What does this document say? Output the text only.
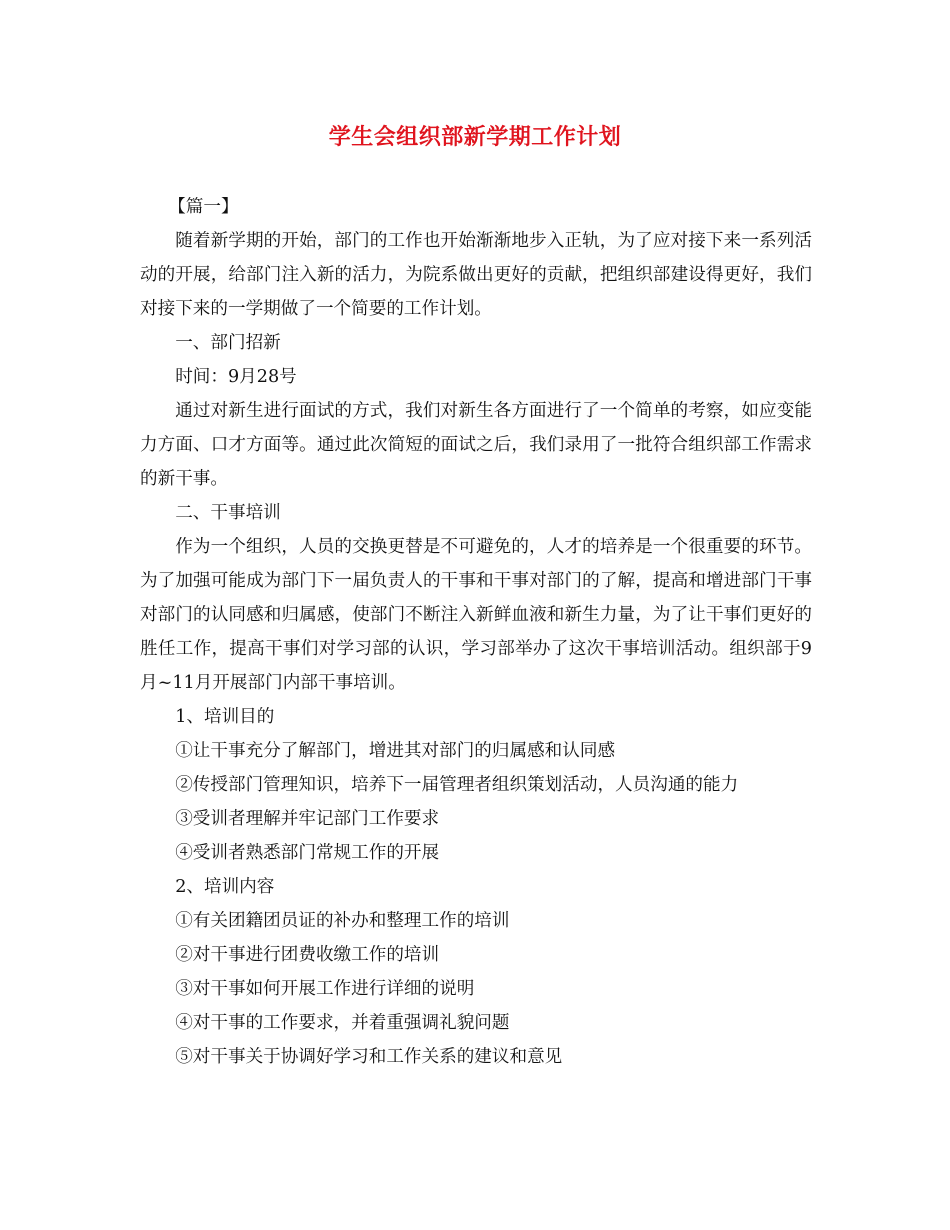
学生会组织部新学期工作计划

【篇一】

随着新学期的开始，部门的工作也开始渐渐地步入正轨，为了应对接下来一系列活动的开展，给部门注入新的活力，为院系做出更好的贡献，把组织部建设得更好，我们对接下来的一学期做了一个简要的工作计划。

一、部门招新

时间：9月28号

通过对新生进行面试的方式，我们对新生各方面进行了一个简单的考察，如应变能力方面、口才方面等。通过此次简短的面试之后，我们录用了一批符合组织部工作需求的新干事。

二、干事培训

作为一个组织，人员的交换更替是不可避免的，人才的培养是一个很重要的环节。为了加强可能成为部门下一届负责人的干事和干事对部门的了解，提高和增进部门干事对部门的认同感和归属感，使部门不断注入新鲜血液和新生力量，为了让干事们更好的胜任工作，提高干事们对学习部的认识，学习部举办了这次干事培训活动。组织部于9月~11月开展部门内部干事培训。

1、培训目的

①让干事充分了解部门，增进其对部门的归属感和认同感

②传授部门管理知识，培养下一届管理者组织策划活动，人员沟通的能力

③受训者理解并牢记部门工作要求

④受训者熟悉部门常规工作的开展

2、培训内容

①有关团籍团员证的补办和整理工作的培训

②对干事进行团费收缴工作的培训

③对干事如何开展工作进行详细的说明

④对干事的工作要求，并着重强调礼貌问题

⑤对干事关于协调好学习和工作关系的建议和意见
